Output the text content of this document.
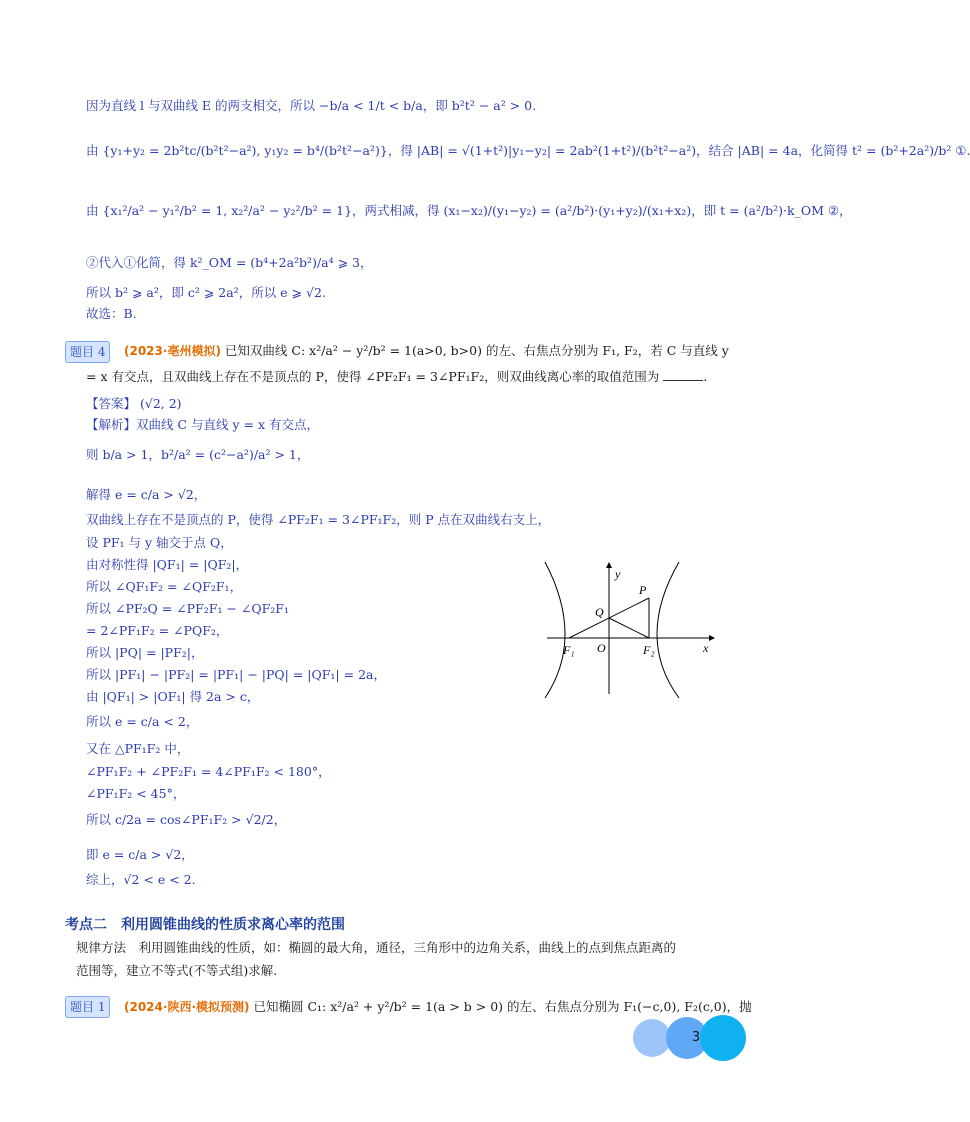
因为直线 l 与双曲线 E 的两支相交，所以 −b/a < 1/t < b/a，即 b²t² − a² > 0.
由 {y₁+y₂ = 2b²tc/(b²t²−a²), y₁y₂ = b⁴/(b²t²−a²)}，得 |AB| = √(1+t²)|y₁−y₂| = 2ab²(1+t²)/(b²t²−a²)，结合 |AB| = 4a，化简得 t² = (b²+2a²)/b² ①.
由 {x₁²/a² − y₁²/b² = 1, x₂²/a² − y₂²/b² = 1}，两式相减，得 (x₁−x₂)/(y₁−y₂) = (a²/b²)·(y₁+y₂)/(x₁+x₂)，即 t = (a²/b²)·k_OM ②，
②代入①化简，得 k²_OM = (b⁴+2a²b²)/a⁴ ⩾ 3，
所以 b² ⩾ a²，即 c² ⩾ 2a²，所以 e ⩾ √2.
故选：B.
题目 4	(2023·亳州模拟) 已知双曲线 C: x²/a² − y²/b² = 1(a>0, b>0) 的左、右焦点分别为 F₁, F₂，若 C 与直线 y
= x 有交点，且双曲线上存在不是顶点的 P，使得 ∠PF₂F₁ = 3∠PF₁F₂，则双曲线离心率的取值范围为	.
【答案】 (√2, 2)
【解析】双曲线 C 与直线 y = x 有交点，
则 b/a > 1，b²/a² = (c²−a²)/a² > 1，
解得 e = c/a > √2，
双曲线上存在不是顶点的 P，使得 ∠PF₂F₁ = 3∠PF₁F₂，则 P 点在双曲线右支上，
设 PF₁ 与 y 轴交于点 Q，
由对称性得 |QF₁| = |QF₂|，
所以 ∠QF₁F₂ = ∠QF₂F₁，
所以 ∠PF₂Q = ∠PF₂F₁ − ∠QF₂F₁
= 2∠PF₁F₂ = ∠PQF₂，
所以 |PQ| = |PF₂|，
所以 |PF₁| − |PF₂| = |PF₁| − |PQ| = |QF₁| = 2a，
由 |QF₁| > |OF₁| 得 2a > c，
所以 e = c/a < 2，
又在 △PF₁F₂ 中，
∠PF₁F₂ + ∠PF₂F₁ = 4∠PF₁F₂ < 180°，
∠PF₁F₂ < 45°，
所以 c/2a = cos∠PF₁F₂ > √2/2，
即 e = c/a > √2，
综上，√2 < e < 2.
y
x
P
Q
O
F₁	F₂
考点二　利用圆锥曲线的性质求离心率的范围
规律方法　利用圆锥曲线的性质，如：椭圆的最大角，通径，三角形中的边角关系，曲线上的点到焦点距离的
范围等，建立不等式(不等式组)求解.
题目 1	(2024·陕西·模拟预测) 已知椭圆 C₁: x²/a² + y²/b² = 1(a > b > 0) 的左、右焦点分别为 F₁(−c,0), F₂(c,0)，抛
3
